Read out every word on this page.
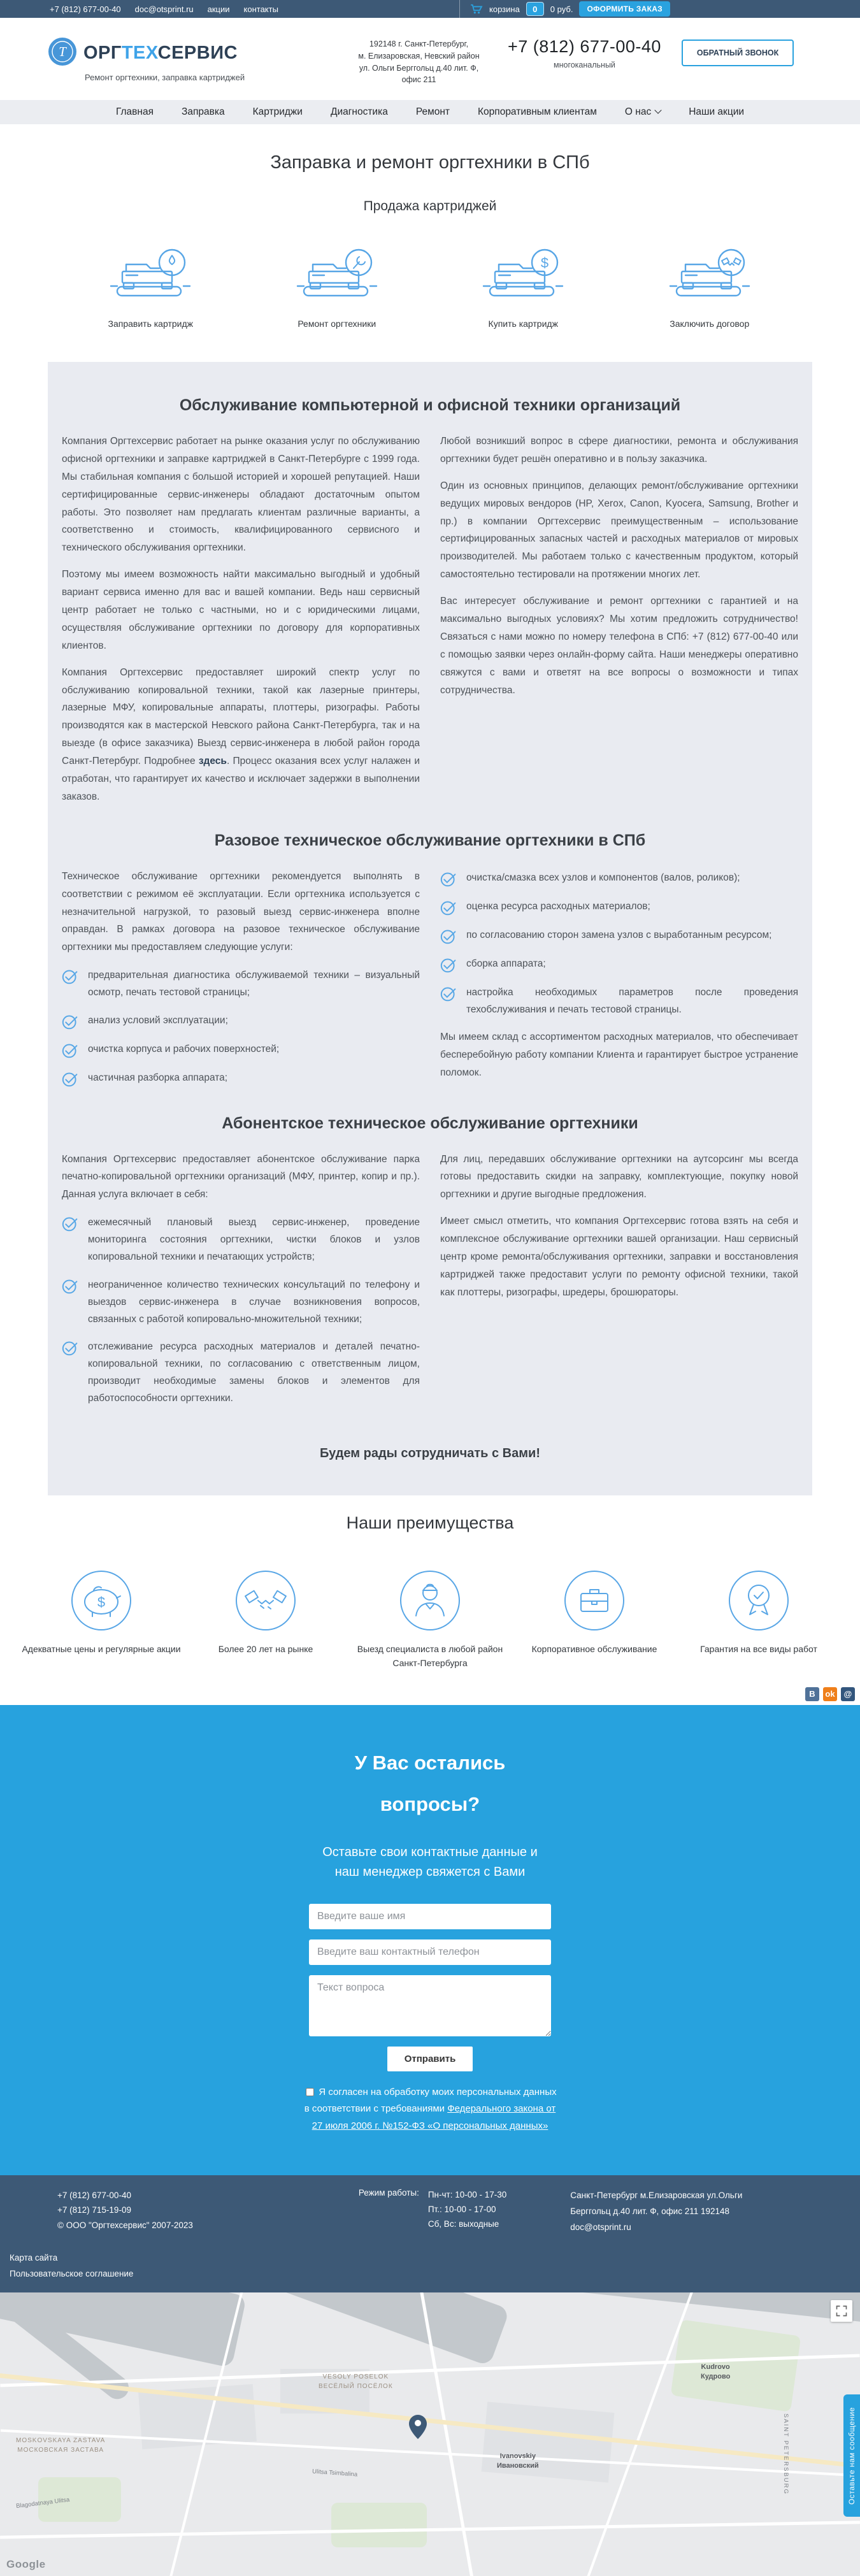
+7 (812) 677-00-40 doc@otsprint.ru акции контакты	корзина	0	0 руб.	ОФОРМИТЬ ЗАКАЗ
Т ОРГТЕХСЕРВИС
Ремонт оргтехники, заправка картриджей
192148 г. Санкт-Петербург,
м. Елизаровская, Невский район
ул. Ольги Берггольц д.40 лит. Ф,
офис 211
+7 (812) 677-00-40
многоканальный
ОБРАТНЫЙ ЗВОНОК
Главная	Заправка	Картриджи	Диагностика	Ремонт	Корпоративным клиентам	О нас	Наши акции
Заправка и ремонт оргтехники в СПб
Продажа картриджей
Заправить картридж	Ремонт оргтехники
$
Купить картридж	Заключить договор
Обслуживание компьютерной и офисной техники организаций

Компания Оргтехсервис работает на рынке оказания услуг по обслуживанию офисной оргтехники и заправке картриджей в Санкт-Петербурге с 1999 года. Мы стабильная компания с большой историей и хорошей репутацией. Наши сертифицированные сервис-инженеры обладают достаточным опытом работы. Это позволяет нам предлагать клиентам различные варианты, а соответственно и стоимость, квалифицированного сервисного и технического обслуживания оргтехники.

Поэтому мы имеем возможность найти максимально выгодный и удобный вариант сервиса именно для вас и вашей компании. Ведь наш сервисный центр работает не только с частными, но и с юридическими лицами, осуществляя обслуживание оргтехники по договору для корпоративных клиентов.

Компания Оргтехсервис предоставляет широкий спектр услуг по обслуживанию копировальной техники, такой как лазерные принтеры, лазерные МФУ, копировальные аппараты, плоттеры, ризографы. Работы производятся как в мастерской Невского района Санкт-Петербурга, так и на выезде (в офисе заказчика) Выезд сервис-инженера в любой район города Санкт-Петербург. Подробнее здесь. Процесс оказания всех услуг налажен и отработан, что гарантирует их качество и исключает задержки в выполнении заказов.

Любой возникший вопрос в сфере диагностики, ремонта и обслуживания оргтехники будет решён оперативно и в пользу заказчика.

Один из основных принципов, делающих ремонт/обслуживание оргтехники ведущих мировых вендоров (HP, Xerox, Canon, Kyocera, Samsung, Brother и пр.) в компании Оргтехсервис преимущественным – использование сертифицированных запасных частей и расходных материалов от мировых производителей. Мы работаем только с качественным продуктом, который самостоятельно тестировали на протяжении многих лет.

Вас интересует обслуживание и ремонт оргтехники с гарантией и на максимально выгодных условиях? Мы хотим предложить сотрудничество! Связаться с нами можно по номеру телефона в СПб: +7 (812) 677-00-40 или с помощью заявки через онлайн-форму сайта. Наши менеджеры оперативно свяжутся с вами и ответят на все вопросы о возможности и типах сотрудничества.

Разовое техническое обслуживание оргтехники в СПб

Техническое обслуживание оргтехники рекомендуется выполнять в соответствии с режимом её эксплуатации. Если оргтехника используется с незначительной нагрузкой, то разовый выезд сервис-инженера вполне оправдан. В рамках договора на разовое техническое обслуживание оргтехники мы предоставляем следующие услуги:

предварительная диагностика обслуживаемой техники – визуальный осмотр, печать тестовой страницы;
анализ условий эксплуатации;
очистка корпуса и рабочих поверхностей;
частичная разборка аппарата;
очистка/смазка всех узлов и компонентов (валов, роликов);
оценка ресурса расходных материалов;
по согласованию сторон замена узлов с выработанным ресурсом;
сборка аппарата;
настройка необходимых параметров после проведения техобслуживания и печать тестовой страницы.

Мы имеем склад с ассортиментом расходных материалов, что обеспечивает бесперебойную работу компании Клиента и гарантирует быстрое устранение поломок.

Абонентское техническое обслуживание оргтехники

Компания Оргтехсервис предоставляет абонентское обслуживание парка печатно-копировальной оргтехники организаций (МФУ, принтер, копир и пр.). Данная услуга включает в себя:

ежемесячный плановый выезд сервис-инженер, проведение мониторинга состояния оргтехники, чистки блоков и узлов копировальной техники и печатающих устройств;
неограниченное количество технических консультаций по телефону и выездов сервис-инженера в случае возникновения вопросов, связанных с работой копировально-множительной техники;
отслеживание ресурса расходных материалов и деталей печатно-копировальной техники, по согласованию с ответственным лицом, производит необходимые замены блоков и элементов для работоспособности оргтехники.

Для лиц, передавших обслуживание оргтехники на аутсорсинг мы всегда готовы предоставить скидки на заправку, комплектующие, покупку новой оргтехники и другие выгодные предложения.

Имеет смысл отметить, что компания Оргтехсервис готова взять на себя и комплексное обслуживание оргтехники вашей организации. Наш сервисный центр кроме ремонта/обслуживания оргтехники, заправки и восстановления картриджей также предоставит услуги по ремонту офисной техники, такой как плоттеры, ризографы, шредеры, брошюраторы.

Будем рады сотрудничать с Вами!
Наши преимущества
$
Адекватные цены и регулярные акции	Более 20 лет на рынке	Выезд специалиста в любой район Санкт-Петербурга
Корпоративное обслуживание	Гарантия на все виды работ
В	ok	@
У Вас остались
вопросы?
Оставьте свои контактные данные и наш менеджер свяжется с Вами
Введите ваше имя
Введите ваш контактный телефон
Текст вопроса
Отправить
Я согласен на обработку моих персональных данных в соответствии с требованиями Федерального закона от 27 июля 2006 г. №152-ФЗ «О персональных данных»
+7 (812) 677-00-40
+7 (812) 715-19-09
© ООО "Оргтехсервис" 2007-2023
Режим работы: Пн-чт: 10-00 - 17-30
Пт.: 10-00 - 17-00
Сб, Вс: выходные
Санкт-Петербург м.Елизаровская ул.Ольги
Берггольц д.40 лит. Ф, офис 211 192148
doc@otsprint.ru
Карта сайта
Пользовательское соглашение
VESOLY POSELOK
ВЕСЁЛЫЙ ПОСЁЛОК
MOSKOVSKAYA ZASTAVA
МОСКОВСКАЯ ЗАСТАВА
Kudrovo
Кудрово
Ivanovskiy
Ивановский
Blagodatnaya Ulitsa
Ulitsa Tsimbalina	SAINT PETERSBURG
Google
Оставьте нам сообщение
